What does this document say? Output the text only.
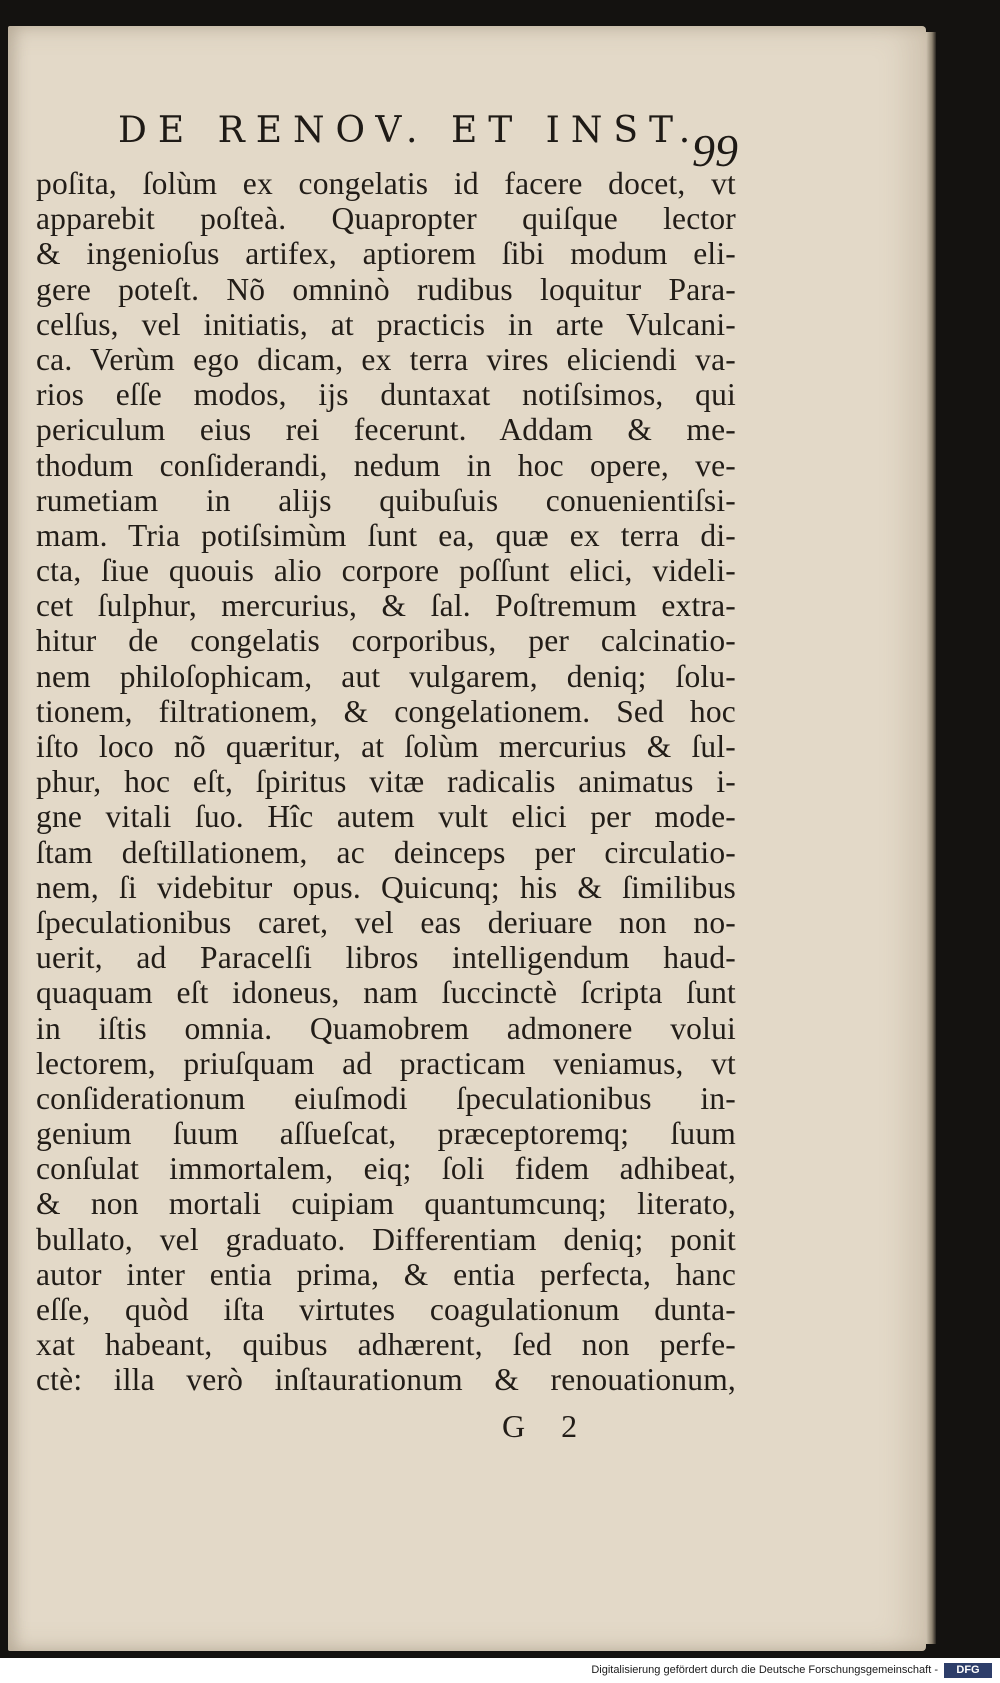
DE RENOV. ET INST.
99
poſita, ſolùm ex congelatis id facere docet, vt
apparebit poſteà. Quapropter quiſque lector
& ingenioſus artifex, aptiorem ſibi modum eli-
gere poteſt. Nõ omninò rudibus loquitur Para-
celſus, vel initiatis, at practicis in arte Vulcani-
ca. Verùm ego dicam, ex terra vires eliciendi va-
rios eſſe modos, ijs duntaxat notiſsimos, qui
periculum eius rei fecerunt. Addam & me-
thodum conſiderandi, nedum in hoc opere, ve-
rumetiam in alijs quibuſuis conuenientiſsi-
mam. Tria potiſsimùm ſunt ea, quæ ex terra di-
cta, ſiue quouis alio corpore poſſunt elici, videli-
cet ſulphur, mercurius, & ſal. Poſtremum extra-
hitur de congelatis corporibus, per calcinatio-
nem philoſophicam, aut vulgarem, deniq; ſolu-
tionem, filtrationem, & congelationem. Sed hoc
iſto loco nõ quæritur, at ſolùm mercurius & ſul-
phur, hoc eſt, ſpiritus vitæ radicalis animatus i-
gne vitali ſuo. Hîc autem vult elici per mode-
ſtam deſtillationem, ac deinceps per circulatio-
nem, ſi videbitur opus. Quicunq; his & ſimilibus
ſpeculationibus caret, vel eas deriuare non no-
uerit, ad Paracelſi libros intelligendum haud-
quaquam eſt idoneus, nam ſuccinctè ſcripta ſunt
in iſtis omnia. Quamobrem admonere volui
lectorem, priuſquam ad practicam veniamus, vt
conſiderationum eiuſmodi ſpeculationibus in-
genium ſuum aſſueſcat, præceptoremq; ſuum
conſulat immortalem, eiq; ſoli fidem adhibeat,
& non mortali cuipiam quantumcunq; literato,
bullato, vel graduato. Differentiam deniq; ponit
autor inter entia prima, & entia perfecta, hanc
eſſe, quòd iſta virtutes coagulationum dunta-
xat habeant, quibus adhærent, ſed non perfe-
ctè: illa verò inſtaurationum & renouationum,
G 2
Digitalisierung gefördert durch die Deutsche Forschungsgemeinschaft -	DFG
